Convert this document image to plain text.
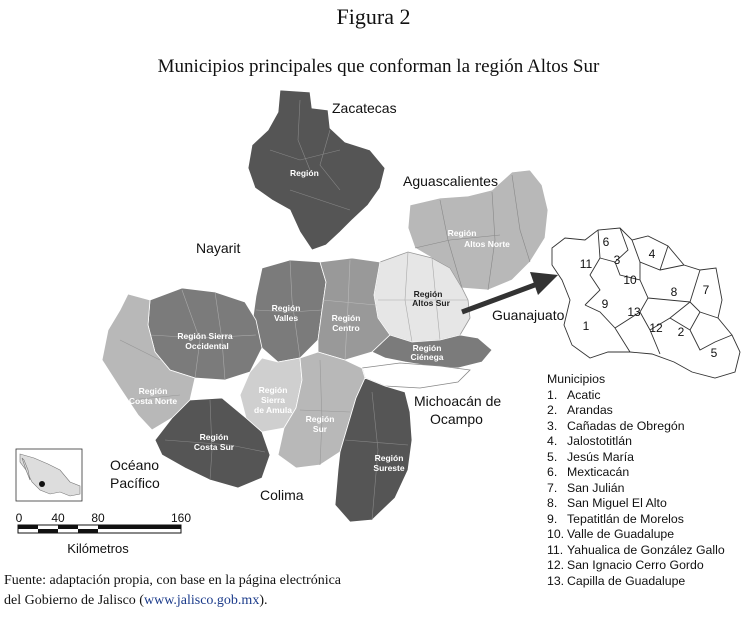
Figura 2
Municipios principales que conforman la región Altos Sur
Zacatecas
Aguascalientes
Nayarit
Guanajuato
Michoacán de
Ocampo
Océano
Pacífico
Colima
Región
Región
Altos Norte
Región
Altos Sur
Región
Valles	Región
Centro
Región Sierra
Occidental	Región
Ciénega
Región
Costa Norte
Región
Sierra
de Amula
Región
Sur
Región
Costa Sur
Región
Sureste
6
11 3 4
10
8 7
9
13
1	12 2
5
0 40 80	160
Kilómetros
Municipios
1. Acatic
2. Arandas
3. Cañadas de Obregón
4. Jalostotitlán
5. Jesús María
6. Mexticacán
7. San Julián
8. San Miguel El Alto
9. Tepatitlán de Morelos
10. Valle de Guadalupe
11. Yahualica de González Gallo
12. San Ignacio Cerro Gordo
13. Capilla de Guadalupe
Fuente: adaptación propia, con base en la página electrónica
del Gobierno de Jalisco (www.jalisco.gob.mx).
